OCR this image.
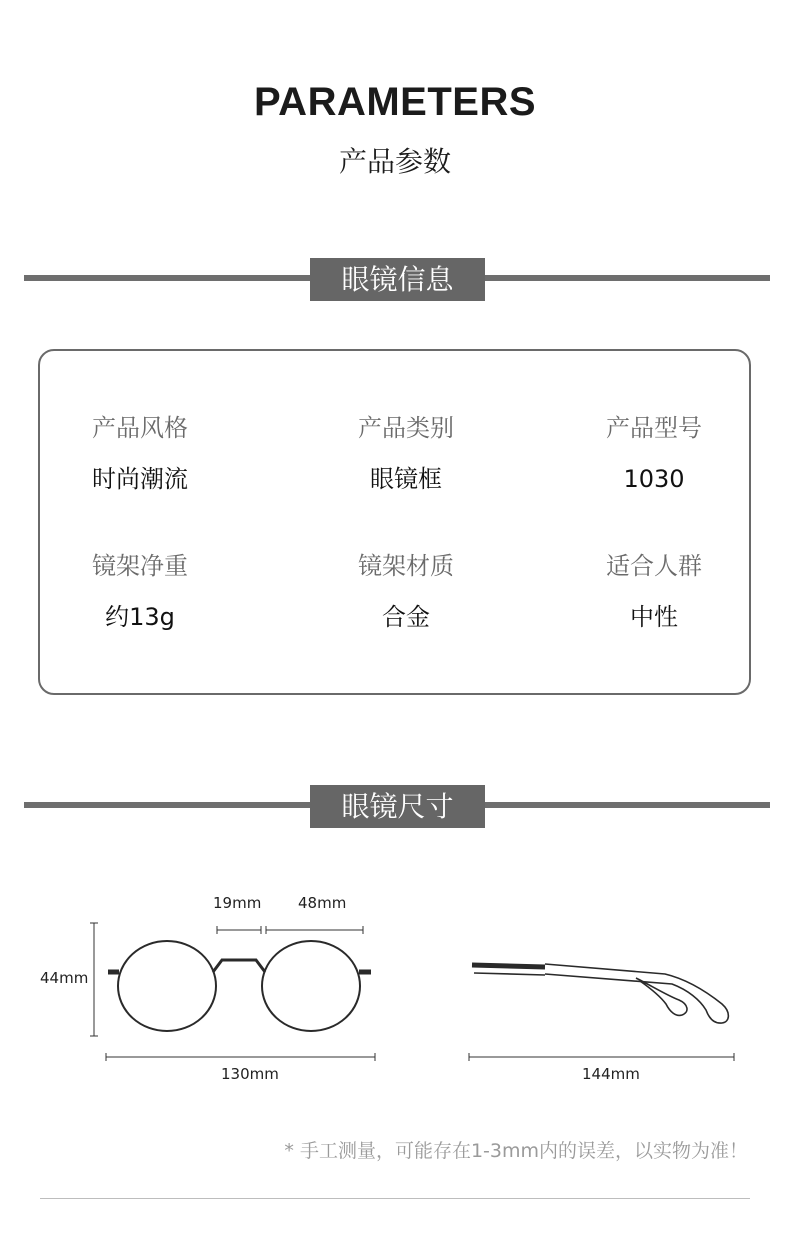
PARAMETERS
产品参数
眼镜信息
产品风格
时尚潮流
产品类别
眼镜框
产品型号
1030
镜架净重
约13g
镜架材质
合金
适合人群
中性
眼镜尺寸
19mm 48mm
44mm
130mm	144mm
* 手工测量，可能存在1-3mm内的误差，以实物为准！
